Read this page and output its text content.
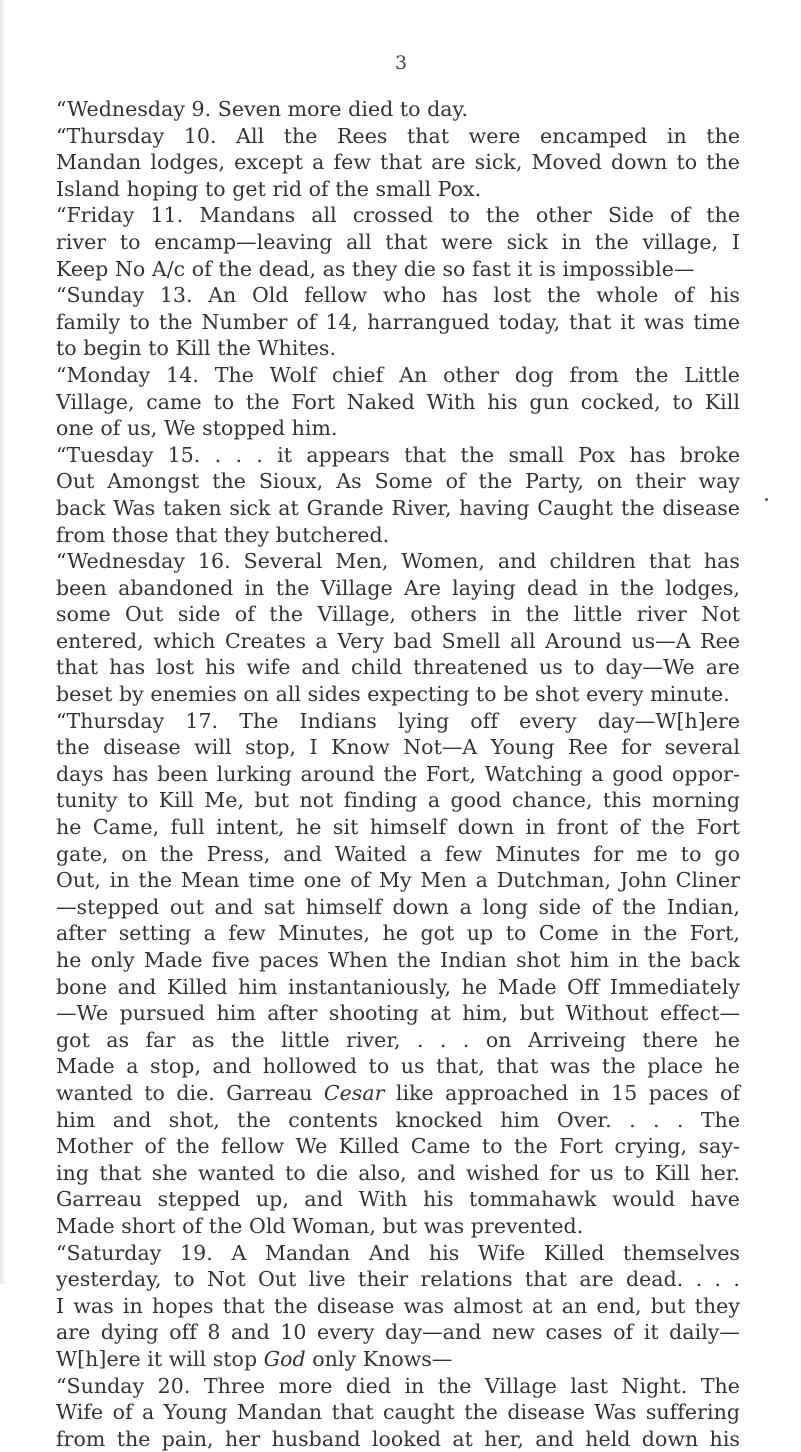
3
“Wednesday 9. Seven more died to day.
“Thursday 10. All the Rees that were encamped in the
Mandan lodges, except a few that are sick, Moved down to the
Island hoping to get rid of the small Pox.
“Friday 11. Mandans all crossed to the other Side of the
river to encamp—leaving all that were sick in the village, I
Keep No A/c of the dead, as they die so fast it is impossible—
“Sunday 13. An Old fellow who has lost the whole of his
family to the Number of 14, harrangued today, that it was time
to begin to Kill the Whites.
“Monday 14. The Wolf chief An other dog from the Little
Village, came to the Fort Naked With his gun cocked, to Kill
one of us, We stopped him.
“Tuesday 15. . . . it appears that the small Pox has broke
Out Amongst the Sioux, As Some of the Party, on their way
back Was taken sick at Grande River, having Caught the disease
from those that they butchered.
“Wednesday 16. Several Men, Women, and children that has
been abandoned in the Village Are laying dead in the lodges,
some Out side of the Village, others in the little river Not
entered, which Creates a Very bad Smell all Around us—A Ree
that has lost his wife and child threatened us to day—We are
beset by enemies on all sides expecting to be shot every minute.
“Thursday 17. The Indians lying off every day—W[h]ere
the disease will stop, I Know Not—A Young Ree for several
days has been lurking around the Fort, Watching a good oppor-
tunity to Kill Me, but not finding a good chance, this morning
he Came, full intent, he sit himself down in front of the Fort
gate, on the Press, and Waited a few Minutes for me to go
Out, in the Mean time one of My Men a Dutchman, John Cliner
—stepped out and sat himself down a long side of the Indian,
after setting a few Minutes, he got up to Come in the Fort,
he only Made five paces When the Indian shot him in the back
bone and Killed him instantaniously, he Made Off Immediately
—We pursued him after shooting at him, but Without effect—
got as far as the little river, . . . on Arriveing there he
Made a stop, and hollowed to us that, that was the place he
wanted to die. Garreau Cesar like approached in 15 paces of
him and shot, the contents knocked him Over. . . . The
Mother of the fellow We Killed Came to the Fort crying, say-
ing that she wanted to die also, and wished for us to Kill her.
Garreau stepped up, and With his tommahawk would have
Made short of the Old Woman, but was prevented.
“Saturday 19. A Mandan And his Wife Killed themselves
yesterday, to Not Out live their relations that are dead. . . .
I was in hopes that the disease was almost at an end, but they
are dying off 8 and 10 every day—and new cases of it daily—
W[h]ere it will stop God only Knows—
“Sunday 20. Three more died in the Village last Night. The
Wife of a Young Mandan that caught the disease Was suffering
from the pain, her husband looked at her, and held down his
